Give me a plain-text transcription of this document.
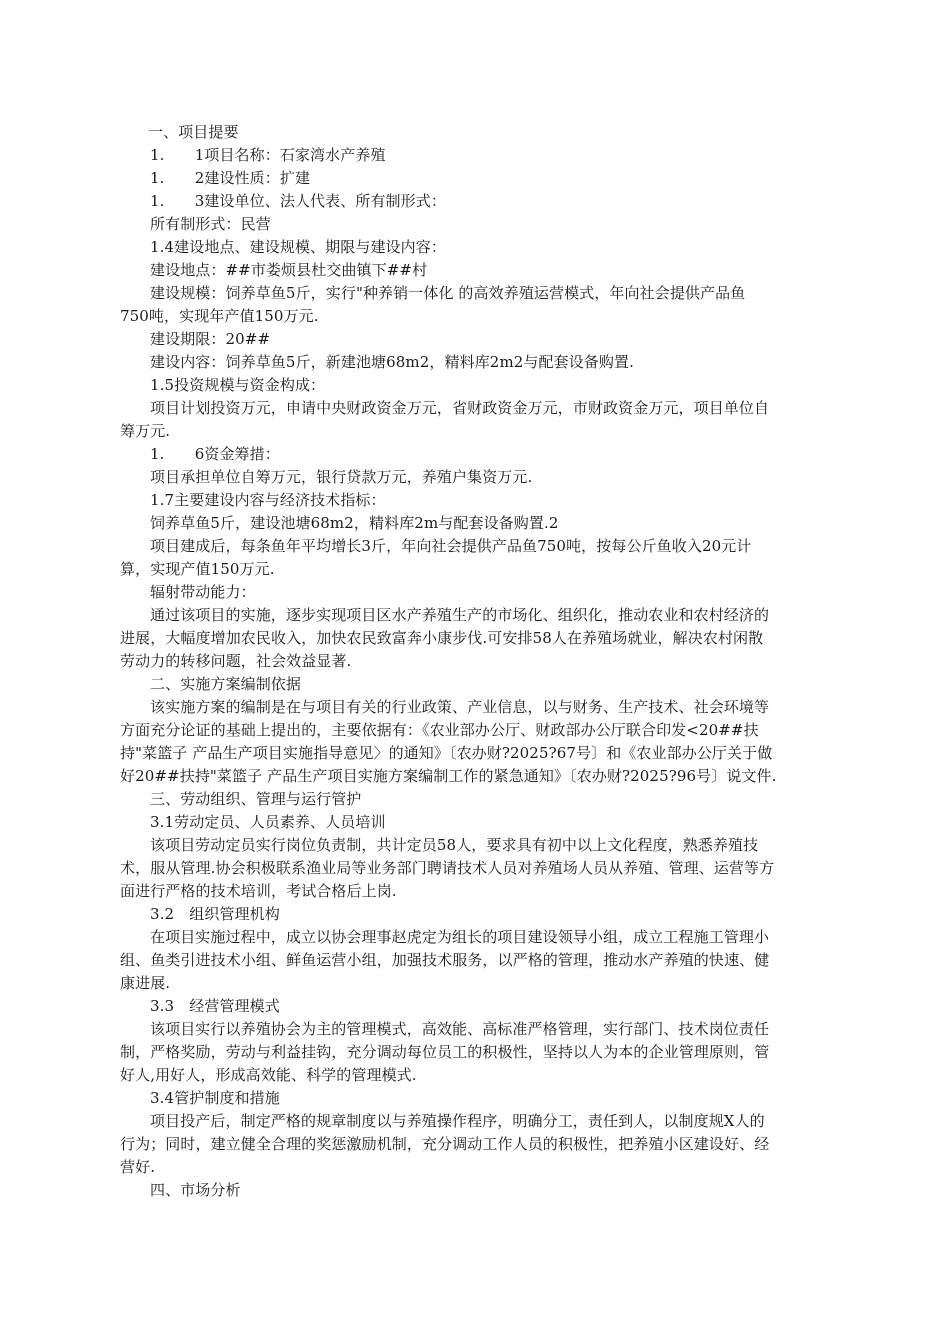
一、项目提要
1.　　1项目名称：石家湾水产养殖
1.　　2建设性质：扩建
1.　　3建设单位、法人代表、所有制形式：
所有制形式：民营
1.4建设地点、建设规模、期限与建设内容：
建设地点：##市娄烦县杜交曲镇下##村
建设规模：饲养草鱼5斤，实行"种养销一体化 的高效养殖运营模式，年向社会提供产品鱼
750吨，实现年产值150万元.
建设期限：20##
建设内容：饲养草鱼5斤，新建池塘68m2，精料库2m2与配套设备购置.
1.5投资规模与资金构成：
项目计划投资万元，申请中央财政资金万元，省财政资金万元，市财政资金万元，项目单位自
筹万元.
1.　　6资金筹措：
项目承担单位自筹万元，银行贷款万元，养殖户集资万元.
1.7主要建设内容与经济技术指标：
饲养草鱼5斤，建设池塘68m2，精料库2m与配套设备购置.2
项目建成后，每条鱼年平均增长3斤，年向社会提供产品鱼750吨，按每公斤鱼收入20元计
算，实现产值150万元.
辐射带动能力：
通过该项目的实施，逐步实现项目区水产养殖生产的市场化、组织化，推动农业和农村经济的
进展，大幅度增加农民收入，加快农民致富奔小康步伐.可安排58人在养殖场就业，解决农村闲散
劳动力的转移问题，社会效益显著.
二、实施方案编制依据
该实施方案的编制是在与项目有关的行业政策、产业信息，以与财务、生产技术、社会环境等
方面充分论证的基础上提出的，主要依据有：《农业部办公厅、财政部办公厅联合印发<20##扶
持"菜篮子 产品生产项目实施指导意见〉的通知》〔农办财?2025?67号〕和《农业部办公厅关于做
好20##扶持"菜篮子 产品生产项目实施方案编制工作的紧急通知》〔农办财?2025?96号〕说文件.
三、劳动组织、管理与运行管护
3.1劳动定员、人员素养、人员培训
该项目劳动定员实行岗位负责制，共计定员58人，要求具有初中以上文化程度，熟悉养殖技
术，服从管理.协会积极联系渔业局等业务部门聘请技术人员对养殖场人员从养殖、管理、运营等方
面进行严格的技术培训，考试合格后上岗.
3.2　组织管理机构
在项目实施过程中，成立以协会理事赵虎定为组长的项目建设领导小组，成立工程施工管理小
组、鱼类引进技术小组、鲜鱼运营小组，加强技术服务，以严格的管理，推动水产养殖的快速、健
康进展.
3.3　经营管理模式
该项目实行以养殖协会为主的管理模式，高效能、高标准严格管理，实行部门、技术岗位责任
制，严格奖励，劳动与利益挂钩，充分调动每位员工的积极性，坚持以人为本的企业管理原则，管
好人,用好人，形成高效能、科学的管理模式.
3.4管护制度和措施
项目投产后，制定严格的规章制度以与养殖操作程序，明确分工，责任到人，以制度规X人的
行为；同时，建立健全合理的奖惩激励机制，充分调动工作人员的积极性，把养殖小区建设好、经
营好.
四、市场分析
